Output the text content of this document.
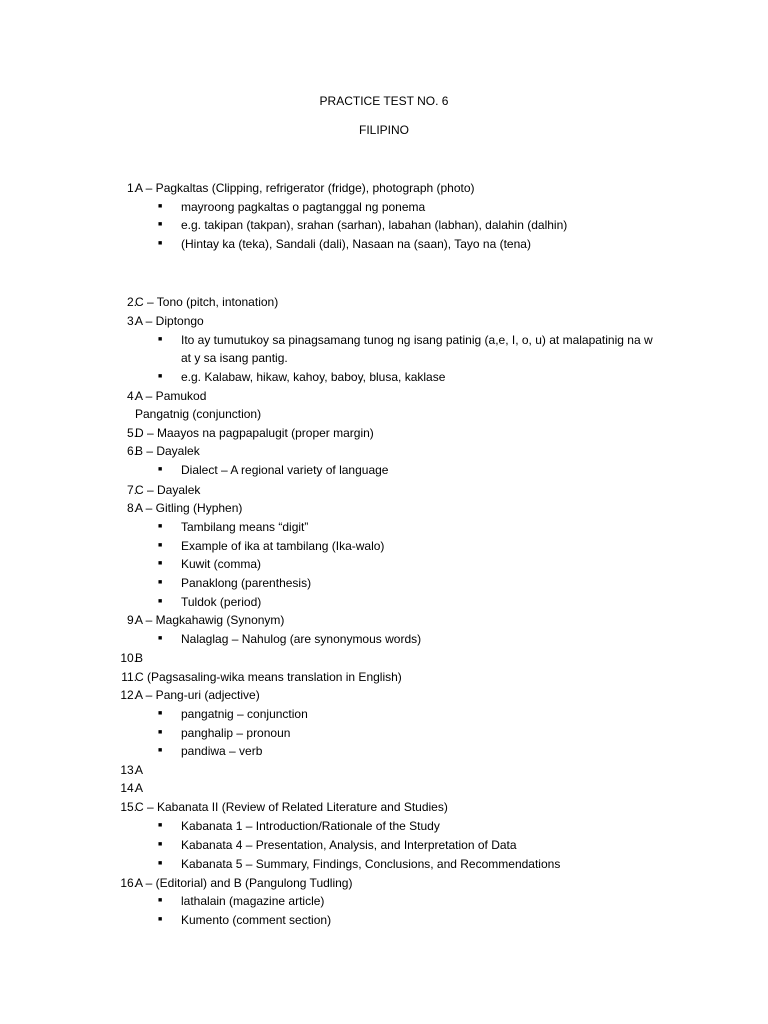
PRACTICE TEST NO. 6
FILIPINO
1.
A – Pagkaltas (Clipping, refrigerator (fridge), photograph (photo)
■ mayroong pagkaltas o pagtanggal ng ponema
■ e.g. takipan (takpan), srahan (sarhan), labahan (labhan), dalahin (dalhin)
■ (Hintay ka (teka), Sandali (dali), Nasaan na (saan), Tayo na (tena)
2.
C – Tono (pitch, intonation)
3.
A – Diptongo
■ Ito ay tumutukoy sa pinagsamang tunog ng isang patinig (a,e, I, o, u) at malapatinig na w
at y sa isang pantig.
■ e.g. Kalabaw, hikaw, kahoy, baboy, blusa, kaklase
4.
A – Pamukod
Pangatnig (conjunction)
5.
D – Maayos na pagpapalugit (proper margin)
6.
B – Dayalek
■ Dialect – A regional variety of language
7.
C – Dayalek
8.
A – Gitling (Hyphen)
■ Tambilang means “digit”
■ Example of ika at tambilang (Ika-walo)
■ Kuwit (comma)
■ Panaklong (parenthesis)
■ Tuldok (period)
9.
A – Magkahawig (Synonym)
■ Nalaglag – Nahulog (are synonymous words)
10.
B
11.
C (Pagsasaling-wika means translation in English)
12.
A – Pang-uri (adjective)
■ pangatnig – conjunction
■ panghalip – pronoun
■ pandiwa – verb
13.
A
14.
A
15.
C – Kabanata II (Review of Related Literature and Studies)
■ Kabanata 1 – Introduction/Rationale of the Study
■ Kabanata 4 – Presentation, Analysis, and Interpretation of Data
■ Kabanata 5 – Summary, Findings, Conclusions, and Recommendations
16.
A – (Editorial) and B (Pangulong Tudling)
■ lathalain (magazine article)
■ Kumento (comment section)
